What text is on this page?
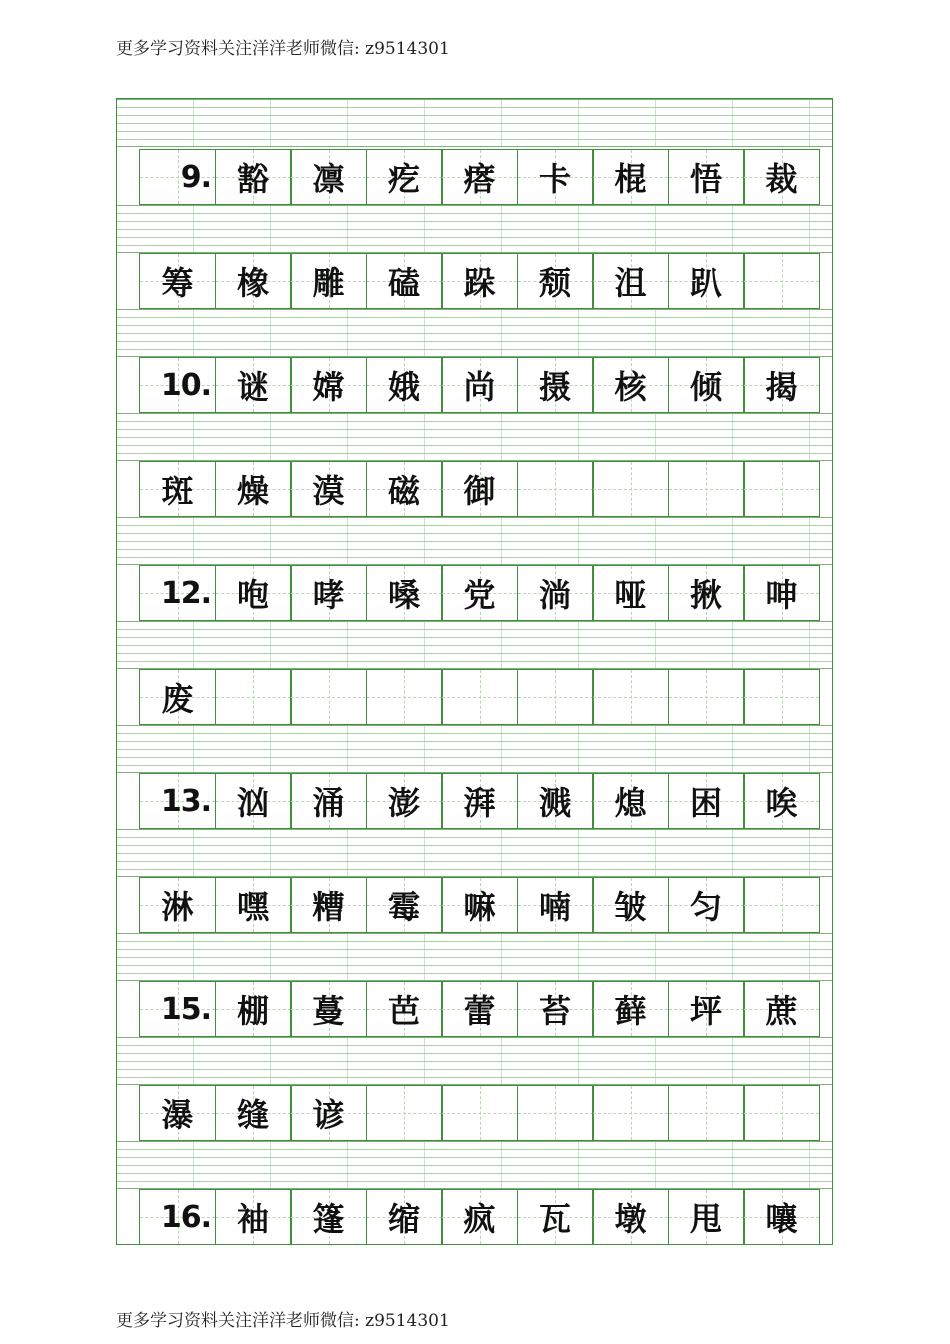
更多学习资料关注洋洋老师微信: z9514301
9. 豁 凛 疙 瘩 卡 棍 悟 裁
筹 橡 雕 磕 跺 颓 沮 趴
10. 谜 嫦 娥 尚 摄 核 倾 揭
斑 燥 漠 磁 御
12. 咆 哮 嗓 党 淌 哑 揪 呻
废
13. 汹 涌 澎 湃 溅 熄 困 唉
淋 嘿 糟 霉 嘛 喃 皱 匀
15. 棚 蔓 芭 蕾 苔 藓 坪 蔗
瀑 缝 谚
16. 袖 篷 缩 疯 瓦 墩 甩 嚷
更多学习资料关注洋洋老师微信: z9514301
